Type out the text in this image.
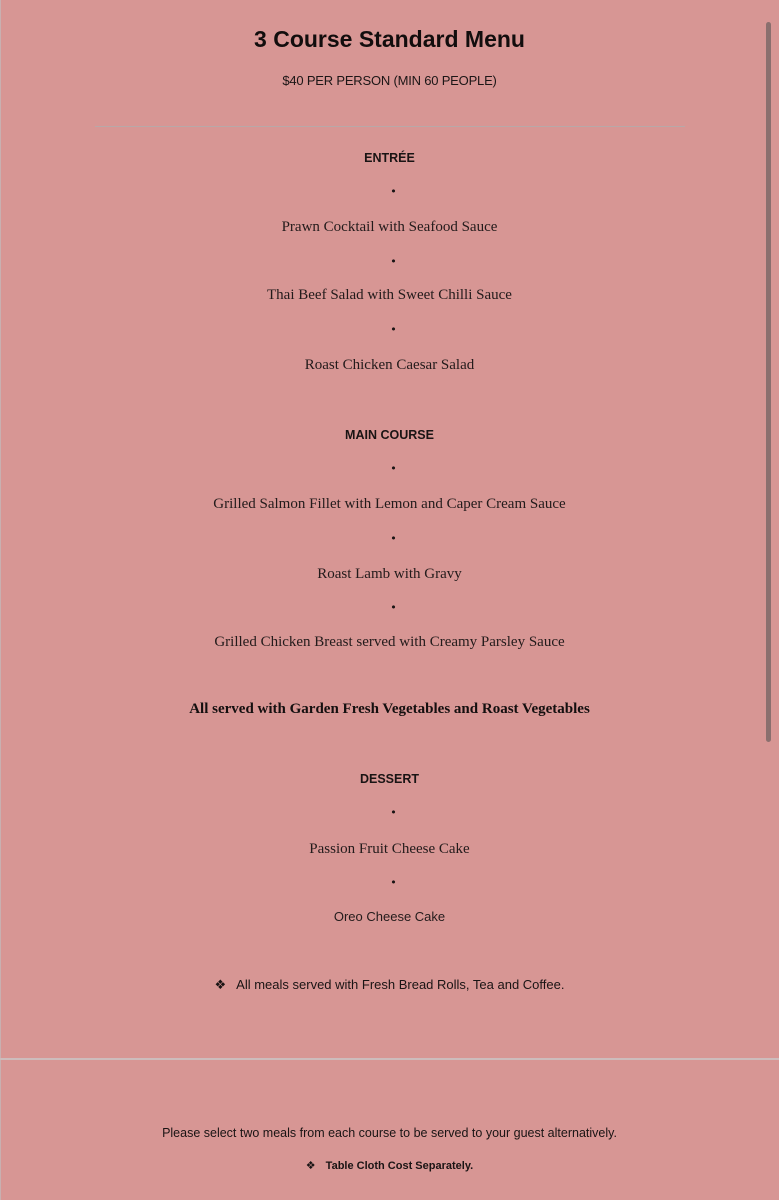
3 Course Standard Menu
$40 PER PERSON (MIN 60 PEOPLE)
ENTRÉE
•
Prawn Cocktail with Seafood Sauce
•
Thai Beef Salad with Sweet Chilli Sauce
•
Roast Chicken Caesar Salad
MAIN COURSE
•
Grilled Salmon Fillet with Lemon and Caper Cream Sauce
•
Roast Lamb with Gravy
•
Grilled Chicken Breast served with Creamy Parsley Sauce
All served with Garden Fresh Vegetables and Roast Vegetables
DESSERT
•
Passion Fruit Cheese Cake
•
Oreo Cheese Cake
❖ All meals served with Fresh Bread Rolls, Tea and Coffee.
Please select two meals from each course to be served to your guest alternatively.
❖ Table Cloth Cost Separately.
